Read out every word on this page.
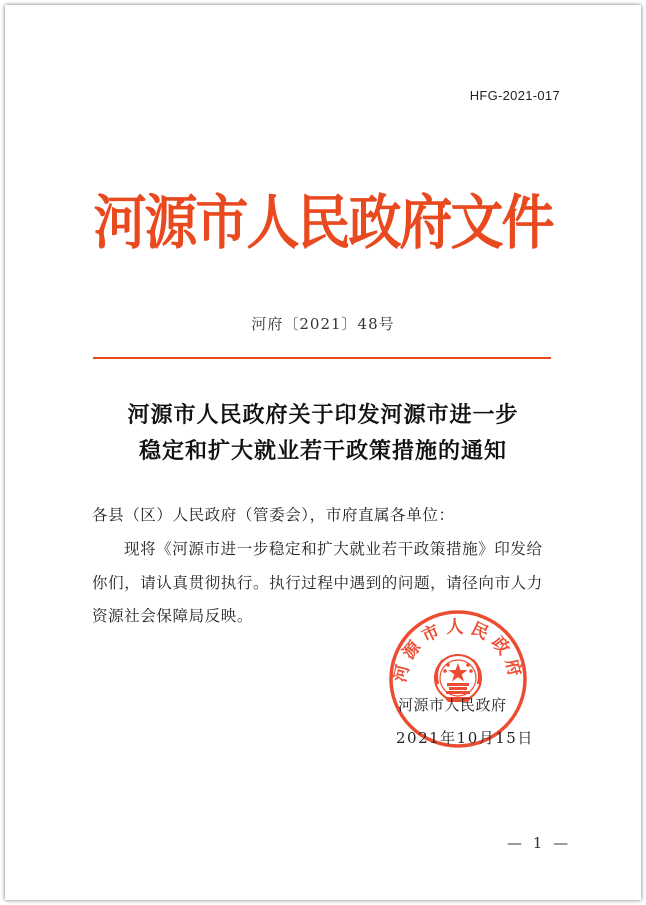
HFG-2021-017
河源市人民政府文件
河府〔2021〕48号
河源市人民政府关于印发河源市进一步
稳定和扩大就业若干政策措施的通知
各县（区）人民政府（管委会），市府直属各单位：
现将《河源市进一步稳定和扩大就业若干政策措施》印发给
你们，请认真贯彻执行。执行过程中遇到的问题，请径向市人力
资源社会保障局反映。
河源市人民政府
河源市人民政府
2021年10月15日
— 1 —
